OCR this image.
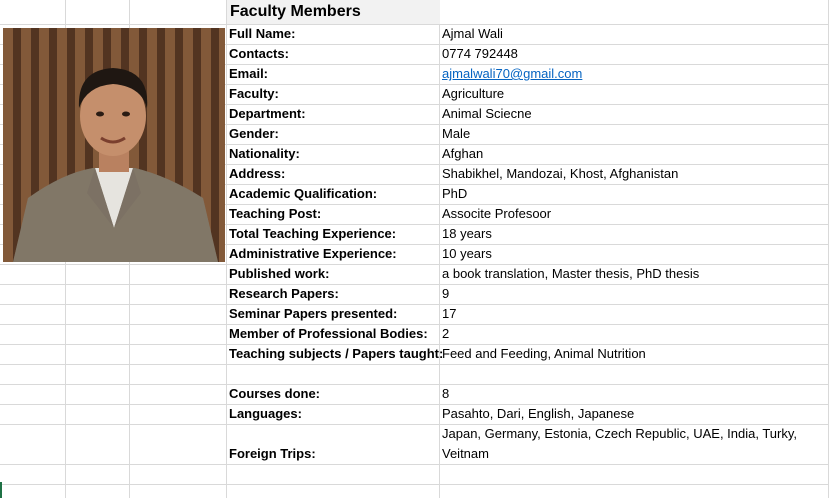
Faculty Members
Full Name:	Ajmal Wali
Contacts:	0774 792448
Email:	ajmalwali70@gmail.com
Faculty:	Agriculture
Department:	Animal Sciecne
Gender:	Male
Nationality:	Afghan
Address:	Shabikhel, Mandozai, Khost, Afghanistan
Academic Qualification:	PhD
Teaching Post:	Associte Profesoor
Total Teaching Experience:	18 years
Administrative Experience:	10 years
Published work:	a book translation, Master thesis, PhD thesis
Research Papers:	9
Seminar Papers presented:	17
Member of Professional Bodies: 2
Teaching subjects / Papers taught:
Feed and Feeding, Animal Nutrition
Courses done:	8
Languages:	Pasahto, Dari, English, Japanese
Foreign Trips:
Japan, Germany, Estonia, Czech Republic, UAE, India, Turky, Veitnam
